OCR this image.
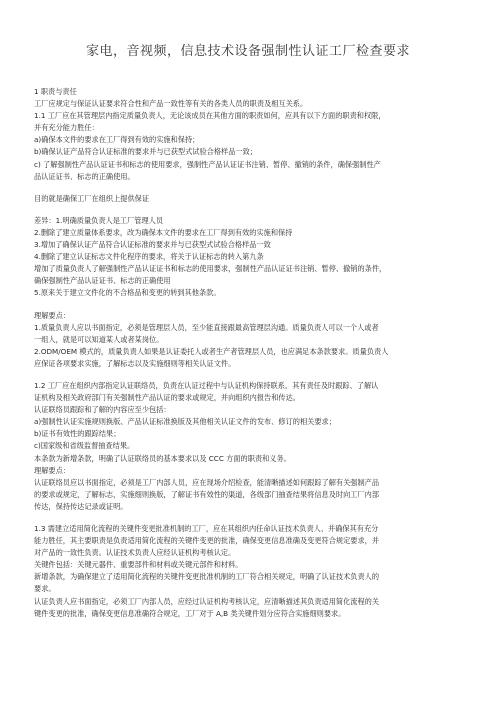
家电，音视频，信息技术设备强制性认证工厂检查要求

1 职责与责任

工厂应规定与保证认证要求符合性和产品一致性等有关的各类人员的职责及相互关系。

1.1 工厂应在其管理层内指定质量负责人，无论该成员在其他方面的职责如何，应具有以下方面的职责和权限，

并有充分能力胜任：

a)确保本文件的要求在工厂得到有效的实施和保持；

b)确保认证产品符合认证标准的要求并与已获型式试验合格样品一致；

c) 了解强制性产品认证证书和标志的使用要求，强制性产品认证证书注销、暂停、撤销的条件，确保强制性产

品认证证书、标志的正确使用。

目的就是确保工厂在组织上提供保证

差异：1.明确质量负责人是工厂管理人员

2.删除了建立质量体系要求，改为确保本文件的要求在工厂得到有效的实施和保持

3.增加了确保认证产品符合认证标准的要求并与已获型式试验合格样品一致

4.删除了建立认证标志文件化程序的要求，将关于认证标志的转入第九条

增加了质量负责人了解强制性产品认证证书和标志的使用要求，强制性产品认证证书注销、暂停、撤销的条件，

确保强制性产品认证证书、标志的正确使用

5.原来关于建立文件化的不合格品和变更的转到其他条款。

理解要点：

1.质量负责人应以书面指定，必须是管理层人员，至少能直接跟最高管理层沟通。质量负责人可以一个人或者

一组人，就是可以知道某人或者某岗位。

2.ODM/OEM 模式的，质量负责人如果是认证委托人或者生产者管理层人员，也应满足本条款要求。质量负责人

应保证各项要求实施，了解标志以及实施细则等相关认证文件。

1.2 工厂应在组织内部指定认证联络员，负责在认证过程中与认证机构保持联系，其有责任及时跟踪、了解认

证机构及相关政府部门有关强制性产品认证的要求或规定，并向组织内报告和传达。

认证联络员跟踪和了解的内容应至少包括：

a)强制性认证实施规则换版、产品认证标准换版及其他相关认证文件的发布、修订的相关要求；

b)证书有效性的跟踪结果；

c)国家级和省级监督抽查结果。

本条款为新增条款，明确了认证联络员的基本要求以及 CCC 方面的职责和义务。

理解要点：

认证联络员应以书面指定，必须是工厂内部人员，应在现场介绍检查，能清晰描述如何跟踪了解有关强制产品

的要求或规定，了解标志，实施细则换版，了解证书有效性的渠道，各级部门抽查结果将信息及时向工厂内部

传达，保持传达记录或证明。

1.3 需建立适用简化流程的关键件变更批准机制的工厂，应在其组织内任命认证技术负责人、并确保其有充分

能力胜任，其主要职责是负责适用简化流程的关键件变更的批准，确保变更信息准确及变更符合规定要求，并

对产品的一致性负责。认证技术负责人应经认证机构考核认定。

关键件包括：关键元器件、重要部件和材料或关键元部件和材料。

新增条款，为确保建立了适用简化流程的关键件变更批准机制的工厂符合相关规定，明确了认证技术负责人的

要求。

认证负责人应书面指定，必须工厂内部人员，应经过认证机构考核认定，应清晰描述其负责适用简化流程的关

键件变更的批准，确保变更信息准确符合规定，工厂对于 A,B 类关键件划分应符合实施细则要求。
